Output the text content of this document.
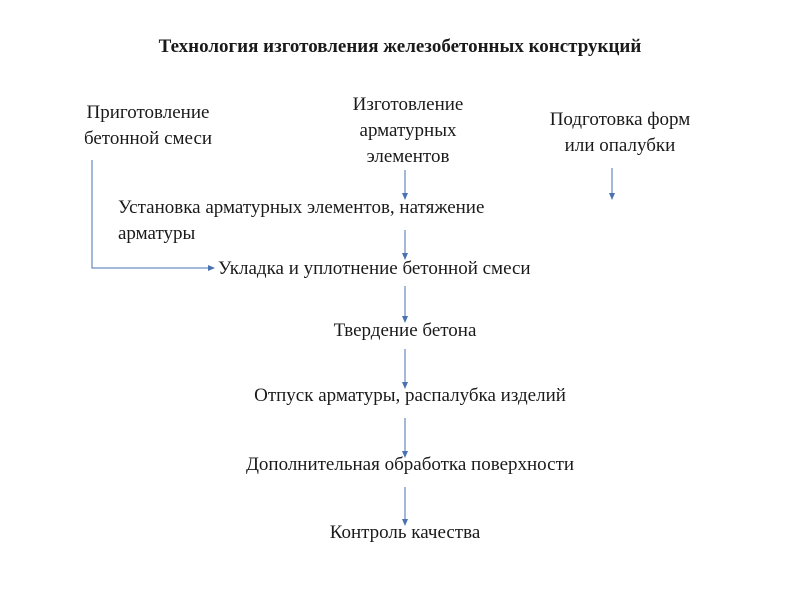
Технология изготовления железобетонных конструкций
Приготовление
бетонной смеси
Изготовление
арматурных
элементов
Подготовка форм
или опалубки
Установка арматурных элементов, натяжение
арматуры
Укладка и уплотнение бетонной смеси
Твердение бетона
Отпуск арматуры, распалубка изделий
Дополнительная обработка поверхности
Контроль качества
